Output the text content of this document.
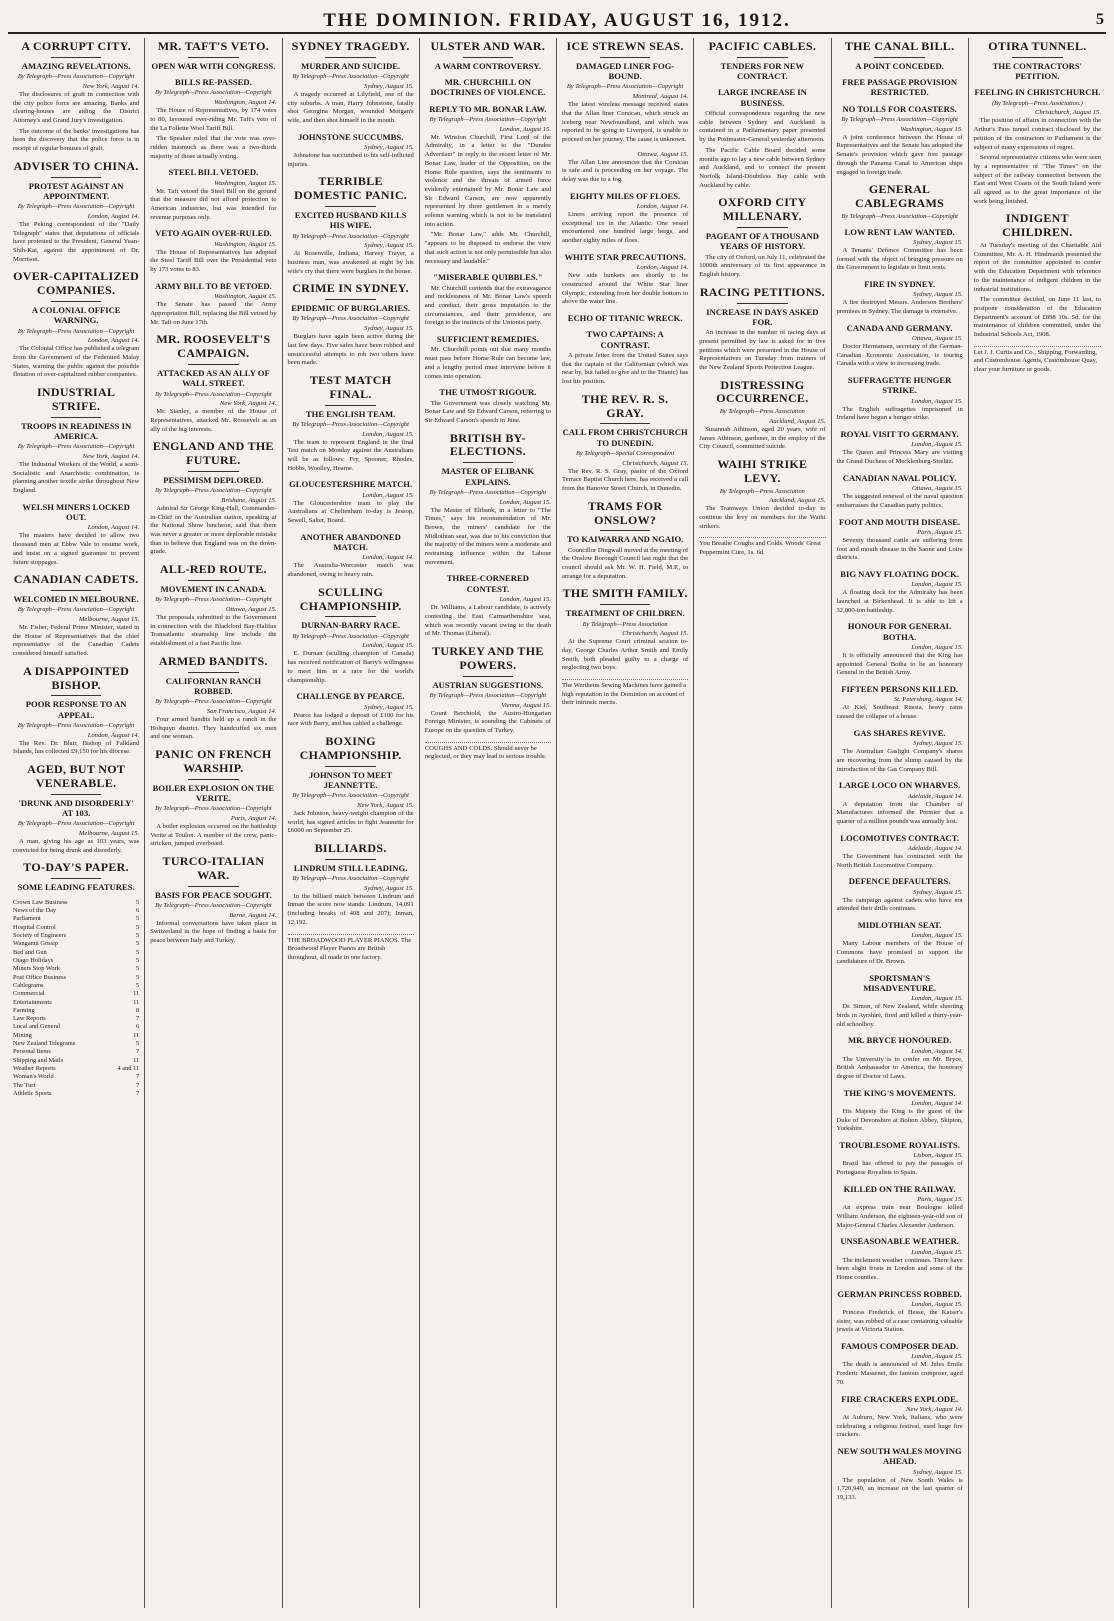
THE DOMINION. FRIDAY, AUGUST 16, 1912.	5
A CORRUPT CITY.
AMAZING REVELATIONS.
By Telegraph—Press Association—Copyright
New York, August 14.

The disclosures of graft in connection with the city police force are amazing. Banks and clearing-houses are aiding the District Attorney's and Grand Jury's investigation.

The outcome of the banks' investigations has been the discovery that the police force is in receipt of regular bonuses of graft.

ADVISER TO CHINA.
PROTEST AGAINST AN APPOINTMENT.
By Telegraph—Press Association—Copyright
London, August 14.

The Peking correspondent of the "Daily Telegraph" states that deputations of officials have protested to the President, General Yuan-Shih-Kai, against the appointment of Dr. Morrison.

OVER-CAPITALIZED COMPANIES.
A COLONIAL OFFICE WARNING.
By Telegraph—Press Association—Copyright
London, August 14.

The Colonial Office has published a telegram from the Government of the Federated Malay States, warning the public against the possible flotation of over-capitalized rubber companies.

INDUSTRIAL STRIFE.
TROOPS IN READINESS IN AMERICA.
By Telegraph—Press Association—Copyright
New York, August 14.

The Industrial Workers of the World, a semi-Socialistic and Anarchistic combination, is planning another textile strike throughout New England.

WELSH MINERS LOCKED OUT.
London, August 14.

The masters have decided to allow two thousand men at Ebbw Vale to resume work, and insist on a signed guarantee to prevent future stoppages.

CANADIAN CADETS.
WELCOMED IN MELBOURNE.
By Telegraph—Press Association—Copyright
Melbourne, August 15.

Mr. Fisher, Federal Prime Minister, stated in the House of Representatives that the chief representative of the Canadian Cadets considered himself satisfied.

A DISAPPOINTED BISHOP.
POOR RESPONSE TO AN APPEAL.
By Telegraph—Press Association—Copyright
London, August 14.

The Rev. Dr. Blair, Bishop of Falkland Islands, has collected £9,150 for his diocese.

AGED, BUT NOT VENERABLE.
'DRUNK AND DISORDERLY' AT 103.
By Telegraph—Press Association—Copyright
Melbourne, August 15.

A man, giving his age as 103 years, was convicted for being drunk and disorderly.

TO-DAY'S PAPER.
SOME LEADING FEATURES.
Crown Law Business	5
News of the Day	6
Parliament	5
Hospital Control	5
Society of Engineers	5
Wanganui Gossip	5
Bed and Gun	5
Otago Holidays	5
Miners Stop Work	5
Post Office Business	5
Cablegrams	5
Commercial	11
Entertainments	11
Farming	8
Law Reports	7
Local and General	6
Mining	11
New Zealand Telegrams	5
Personal Items	7
Shipping and Mails	11
Weather Reports	4 and 11
Woman's World	7
The Turf	7
Athletic Sports	7
MR. TAFT'S VETO.
OPEN WAR WITH CONGRESS.
BILLS RE-PASSED.
By Telegraph—Press Association—Copyright
Washington, August 14.

The House of Representatives, by 174 votes to 80, favoured over-riding Mr. Taft's veto of the La Follette Wool Tariff Bill.

The Speaker ruled that the vote was over-ridden inasmuch as there was a two-thirds majority of those actually voting.

STEEL BILL VETOED.
Washington, August 15.

Mr. Taft vetoed the Steel Bill on the ground that the measure did not afford protection to American industries, but was intended for revenue purposes only.

VETO AGAIN OVER-RULED.
Washington, August 15.

The House of Representatives has adopted the Steel Tariff Bill over the Presidential veto by 173 votes to 83.

ARMY BILL TO BE VETOED.
Washington, August 15.

The Senate has passed the Army Appropriation Bill, replacing the Bill vetoed by Mr. Taft on June 17th.

MR. ROOSEVELT'S CAMPAIGN.
ATTACKED AS AN ALLY OF WALL STREET.
By Telegraph—Press Association—Copyright
New York, August 14.

Mr. Stanley, a member of the House of Representatives, attacked Mr. Roosevelt as an ally of the big interests.

ENGLAND AND THE FUTURE.
PESSIMISM DEPLORED.
By Telegraph—Press Association—Copyright
Brisbane, August 15.

Admiral Sir George King-Hall, Commander-in-Chief on the Australian station, speaking at the National Show luncheon, said that there was never a greater or more deplorable mistake than to believe that England was on the down-grade.

ALL-RED ROUTE.
MOVEMENT IN CANADA.
By Telegraph—Press Association—Copyright
Ottawa, August 15.

The proposals submitted to the Government in connection with the Blackford Bay-Halifax Transatlantic steamship line include the establishment of a fast Pacific line.

ARMED BANDITS.
CALIFORNIAN RANCH ROBBED.
By Telegraph—Press Association—Copyright
San Francisco, August 14.

Four armed bandits held up a ranch in the Holtquyn district. They handcuffed six men and one woman.

PANIC ON FRENCH WARSHIP.
BOILER EXPLOSION ON THE VERITE.
By Telegraph—Press Association—Copyright
Paris, August 14.

A boiler explosion occurred on the battleship Verite at Toulon. A number of the crew, panic-stricken, jumped overboard.

TURCO-ITALIAN WAR.
BASIS FOR PEACE SOUGHT.
By Telegraph—Press Association—Copyright
Berne, August 14.

Informal conversations have taken place in Switzerland in the hope of finding a basis for peace between Italy and Turkey.

SYDNEY TRAGEDY.
MURDER AND SUICIDE.
By Telegraph—Press Association—Copyright
Sydney, August 15.

A tragedy occurred at Lilyfield, one of the city suburbs. A man, Harry Johnstone, fatally shot Georgina Morgan, wounded Morgan's wife, and then shot himself in the mouth.

JOHNSTONE SUCCUMBS.
Sydney, August 15.

Johnstone has succumbed to his self-inflicted injuries.

TERRIBLE DOMESTIC PANIC.
EXCITED HUSBAND KILLS HIS WIFE.
By Telegraph—Press Association—Copyright
Sydney, August 15.

At Rosenville, Indiana, Harvey Trayer, a business man, was awakened at night by his wife's cry that there were burglars in the house.

CRIME IN SYDNEY.
EPIDEMIC OF BURGLARIES.
By Telegraph—Press Association—Copyright
Sydney, August 15.

Burglars have again been active during the last few days. Five safes have been robbed and unsuccessful attempts to rob two others have been made.

TEST MATCH FINAL.
THE ENGLISH TEAM.
By Telegraph—Press Association—Copyright
London, August 15.

The team to represent England in the final Test match on Monday against the Australians will be as follows: Fry, Spooner, Rhodes, Hobbs, Woolley, Hearne.

GLOUCESTERSHIRE MATCH.
London, August 15.

The Gloucestershire team to play the Australians at Cheltenham to-day is Jessop, Sewell, Salter, Board.

ANOTHER ABANDONED MATCH.
London, August 14.

The Australia-Worcester match was abandoned, owing to heavy rain.

SCULLING CHAMPIONSHIP.
DURNAN-BARRY RACE.
By Telegraph—Press Association—Copyright
London, August 15.

E. Durnan (sculling champion of Canada) has received notification of Barry's willingness to meet him in a race for the world's championship.

CHALLENGE BY PEARCE.
Sydney, August 15.

Pearce has lodged a deposit of £100 for his race with Barry, and has cabled a challenge.

BOXING CHAMPIONSHIP.
JOHNSON TO MEET JEANNETTE.
By Telegraph—Press Association—Copyright
New York, August 15.

Jack Johnson, heavy-weight champion of the world, has signed articles to fight Jeannette for £6000 on September 25.

BILLIARDS.
LINDRUM STILL LEADING.
By Telegraph—Press Association—Copyright
Sydney, August 15.

In the billiard match between Lindrum and Inman the score now stands: Lindrum, 14,091 (including breaks of 408 and 207); Inman, 12,192.

THE BROADWOOD PLAYER PIANOS. The Broadwood Player Pianos are British throughout, all made in one factory.
ULSTER AND WAR.
A WARM CONTROVERSY.
MR. CHURCHILL ON DOCTRINES OF VIOLENCE.
REPLY TO MR. BONAR LAW.
By Telegraph—Press Association—Copyright
London, August 15.

Mr. Winston Churchill, First Lord of the Admiralty, in a letter to the "Dundee Advertiser" in reply to the recent letter of Mr. Bonar Law, leader of the Opposition, on the Home Rule question, says the sentiments to violence and the threats of armed force evidently entertained by Mr. Bonar Law and Sir Edward Carson, are now apparently represented by three gentlemen in a merely solemn warning which is not to be translated into action.

"Mr. Bonar Law," adds Mr. Churchill, "appears to be disposed to endorse the view that such action is not only permissible but also necessary and laudable."

"MISERABLE QUIBBLES."

Mr. Churchill contends that the extravagance and recklessness of Mr. Bonar Law's speech and conduct, their gross imputation to the circumstances, and their providence, are foreign to the instincts of the Unionist party.

SUFFICIENT REMEDIES.

Mr. Churchill points out that many months must pass before Home Rule can become law, and a lengthy period must intervene before it comes into operation.

THE UTMOST RIGOUR.

The Government was closely watching Mr. Bonar Law and Sir Edward Carson, referring to Sir Edward Carson's speech in June.

BRITISH BY-ELECTIONS.
MASTER OF ELIBANK EXPLAINS.
By Telegraph—Press Association—Copyright
London, August 15.

The Master of Elibank, in a letter to "The Times," says his recommendation of Mr. Brown, the miners' candidate for the Midlothian seat, was due to his conviction that the majority of the miners were a moderate and restraining influence within the Labour movement.

THREE-CORNERED CONTEST.
London, August 15.

Dr. Williams, a Labour candidate, is actively contesting the East Carmarthenshire seat, which was recently vacant owing to the death of Mr. Thomas (Liberal).

TURKEY AND THE POWERS.
AUSTRIAN SUGGESTIONS.
By Telegraph—Press Association—Copyright
Vienna, August 15.

Count Berchtold, the Austro-Hungarian Foreign Minister, is sounding the Cabinets of Europe on the question of Turkey.

COUGHS AND COLDS. Should never be neglected, or they may lead to serious trouble.
ICE STREWN SEAS.
DAMAGED LINER FOG-BOUND.
By Telegraph—Press Association—Copyright
Montreal, August 14.

The latest wireless message received states that the Allan liner Corsican, which struck an iceberg near Newfoundland, and which was reported to be going to Liverpool, is unable to proceed on her journey. The cause is unknown.

Ottawa, August 15.

The Allan Line announces that the Corsican is safe and is proceeding on her voyage. The delay was due to a fog.

EIGHTY MILES OF FLOES.
London, August 14.

Liners arriving report the presence of exceptional ice in the Atlantic. One vessel encountered one hundred large bergs, and another eighty miles of floes.

WHITE STAR PRECAUTIONS.
London, August 14.

New side bunkers are shortly to be constructed around the White Star liner Olympic, extending from her double bottom to above the water line.

ECHO OF TITANIC WRECK.
TWO CAPTAINS: A CONTRAST.

A private letter from the United States says that the captain of the Californian (which was near by, but failed to give aid to the Titanic) has lost his position.

THE REV. R. S. GRAY.
CALL FROM CHRISTCHURCH TO DUNEDIN.
By Telegraph—Special Correspondent
Christchurch, August 15.

The Rev. R. S. Gray, pastor of the Oxford Terrace Baptist Church here, has received a call from the Hanover Street Church, in Dunedin.

TRAMS FOR ONSLOW?
TO KAIWARRA AND NGAIO.

Councillor Dingwall moved at the meeting of the Onslow Borough Council last night that the council should ask Mr. W. H. Field, M.P., to arrange for a deputation.

THE SMITH FAMILY.
TREATMENT OF CHILDREN.
By Telegraph—Press Association
Christchurch, August 15.

At the Supreme Court criminal session to-day, George Charles Arthur Smith and Emily Smith, both pleaded guilty to a charge of neglecting two boys.

The Wertheim Sewing Machines have gained a high reputation in the Dominion on account of their intrinsic merits.
PACIFIC CABLES.
TENDERS FOR NEW CONTRACT.
LARGE INCREASE IN BUSINESS.

Official correspondence regarding the new cable between Sydney and Auckland is contained in a Parliamentary paper presented by the Postmaster-General yesterday afternoon.

The Pacific Cable Board decided some months ago to lay a new cable between Sydney and Auckland, and to connect the present Norfolk Island-Doubtless Bay cable with Auckland by cable.

OXFORD CITY MILLENARY.
PAGEANT OF A THOUSAND YEARS OF HISTORY.

The city of Oxford, on July 11, celebrated the 1000th anniversary of its first appearance in English history.

RACING PETITIONS.
INCREASE IN DAYS ASKED FOR.

An increase in the number of racing days at present permitted by law is asked for in five petitions which were presented in the House of Representatives on Tuesday from trainers of the New Zealand Sports Protection League.

DISTRESSING OCCURRENCE.
By Telegraph—Press Association
Auckland, August 15.

Susannah Athinson, aged 20 years, wife of James Athinson, gardener, in the employ of the City Council, committed suicide.

WAIHI STRIKE LEVY.
By Telegraph—Press Association
Auckland, August 15.

The Tramways Union decided to-day to continue the levy on members for the Waihi strikers.

You Breathe Coughs and Colds. Woods' Great Peppermint Cure, 1s. 6d.
THE CANAL BILL.
A POINT CONCEDED.
FREE PASSAGE PROVISION RESTRICTED.
NO TOLLS FOR COASTERS.
By Telegraph—Press Association—Copyright
Washington, August 15.

A joint conference between the House of Representatives and the Senate has adopted the Senate's provision which gave free passage through the Panama Canal to American ships engaged in foreign trade.

GENERAL CABLEGRAMS
By Telegraph—Press Association—Copyright
LOW RENT LAW WANTED.
Sydney, August 15.

A Tenants' Defence Committee has been formed with the object of bringing pressure on the Government to legislate to limit rents.

FIRE IN SYDNEY.
Sydney, August 15.

A fire destroyed Messrs. Anderson Brothers' premises in Sydney. The damage is extensive.

CANADA AND GERMANY.
Ottawa, August 15.

Doctor Hermansen, secretary of the German-Canadian Economic Association, is touring Canada with a view to increasing trade.

SUFFRAGETTE HUNGER STRIKE.
London, August 15.

The English suffragettes imprisoned in Ireland have begun a hunger strike.

ROYAL VISIT TO GERMANY.
London, August 15.

The Queen and Princess Mary are visiting the Grand Duchess of Mecklenburg-Strelitz.

CANADIAN NAVAL POLICY.
Ottawa, August 15.

The suggested renewal of the naval question embarrasses the Canadian party politics.

FOOT AND MOUTH DISEASE.
Paris, August 15.

Seventy thousand cattle are suffering from foot and mouth disease in the Saone and Loire districts.

BIG NAVY FLOATING DOCK.
London, August 15.

A floating dock for the Admiralty has been launched at Birkenhead. It is able to lift a 32,000-ton battleship.

HONOUR FOR GENERAL BOTHA.
London, August 15.

It is officially announced that the King has appointed General Botha to be an honorary General in the British Army.

FIFTEEN PERSONS KILLED.
St. Petersburg, August 14.

At Kiel, Southeast Russia, heavy rains caused the collapse of a house.

GAS SHARES REVIVE.
Sydney, August 15.

The Australian Gaslight Company's shares are recovering from the slump caused by the introduction of the Gas Company Bill.

LARGE LOCO ON WHARVES.
Adelaide, August 14.

A deputation from the Chamber of Manufactures informed the Premier that a quarter of a million pounds was annually lost.

LOCOMOTIVES CONTRACT.
Adelaide, August 14.

The Government has contracted with the North British Locomotive Company.

DEFENCE DEFAULTERS.
Sydney, August 15.

The campaign against cadets who have not attended their drills continues.

MIDLOTHIAN SEAT.
London, August 15.

Many Labour members of the House of Commons have promised to support the candidature of Dr. Brown.

SPORTSMAN'S MISADVENTURE.
London, August 15.

Dr. Simon, of New Zealand, while shooting birds in Ayrshire, fired and killed a thirty-year-old schoolboy.

MR. BRYCE HONOURED.
London, August 14.

The University is to confer on Mr. Bryce, British Ambassador to America, the honorary degree of Doctor of Laws.

THE KING'S MOVEMENTS.
London, August 14.

His Majesty the King is the guest of the Duke of Devonshire at Bolton Abbey, Skipton, Yorkshire.

TROUBLESOME ROYALISTS.
Lisbon, August 15.

Brazil has offered to pay the passages of Portuguese Royalists to Spain.

KILLED ON THE RAILWAY.
Paris, August 15.

An express train near Boulogne killed William Anderson, the eighteen-year-old son of Major-General Charles Alexander Anderson.

UNSEASONABLE WEATHER.
London, August 15.

The inclement weather continues. There have been slight frosts in London and some of the Home counties.

GERMAN PRINCESS ROBBED.
London, August 15.

Princess Frederick of Hesse, the Kaiser's sister, was robbed of a case containing valuable jewels at Victoria Station.

FAMOUS COMPOSER DEAD.
London, August 15.

The death is announced of M. Jules Emile Frederic Massenet, the famous composer, aged 70.

FIRE CRACKERS EXPLODE.
New York, August 14.

At Auburn, New York, Italians, who were celebrating a religious festival, used huge fire crackers.

NEW SOUTH WALES MOVING AHEAD.
Sydney, August 15.

The population of New South Wales is 1,720,940, an increase on the last quarter of 19,133.

OTIRA TUNNEL.
THE CONTRACTORS' PETITION.
FEELING IN CHRISTCHURCH.
(By Telegraph—Press Association.)
Christchurch, August 15.

The position of affairs in connection with the Arthur's Pass tunnel contract disclosed by the petition of the contractors to Parliament is the subject of many expressions of regret.

Several representative citizens who were seen by a representative of "The Times" on the subject of the railway connection between the East and West Coasts of the South Island were all agreed as to the great importance of the work being finished.

INDIGENT CHILDREN.

At Tuesday's meeting of the Charitable Aid Committee, Mr. A. H. Hindmarsh presented the report of the committee appointed to confer with the Education Department with reference to the maintenance of indigent children in the industrial institutions.

The committee decided, on June 11 last, to postpone consideration of the Education Department's account of £898 10s. 5d. for the maintenance of children committed, under the Industrial Schools Act, 1908.

Let J. J. Curtis and Co., Shipping, Forwarding, and Customhouse Agents, Customhouse Quay, clear your furniture or goods.
